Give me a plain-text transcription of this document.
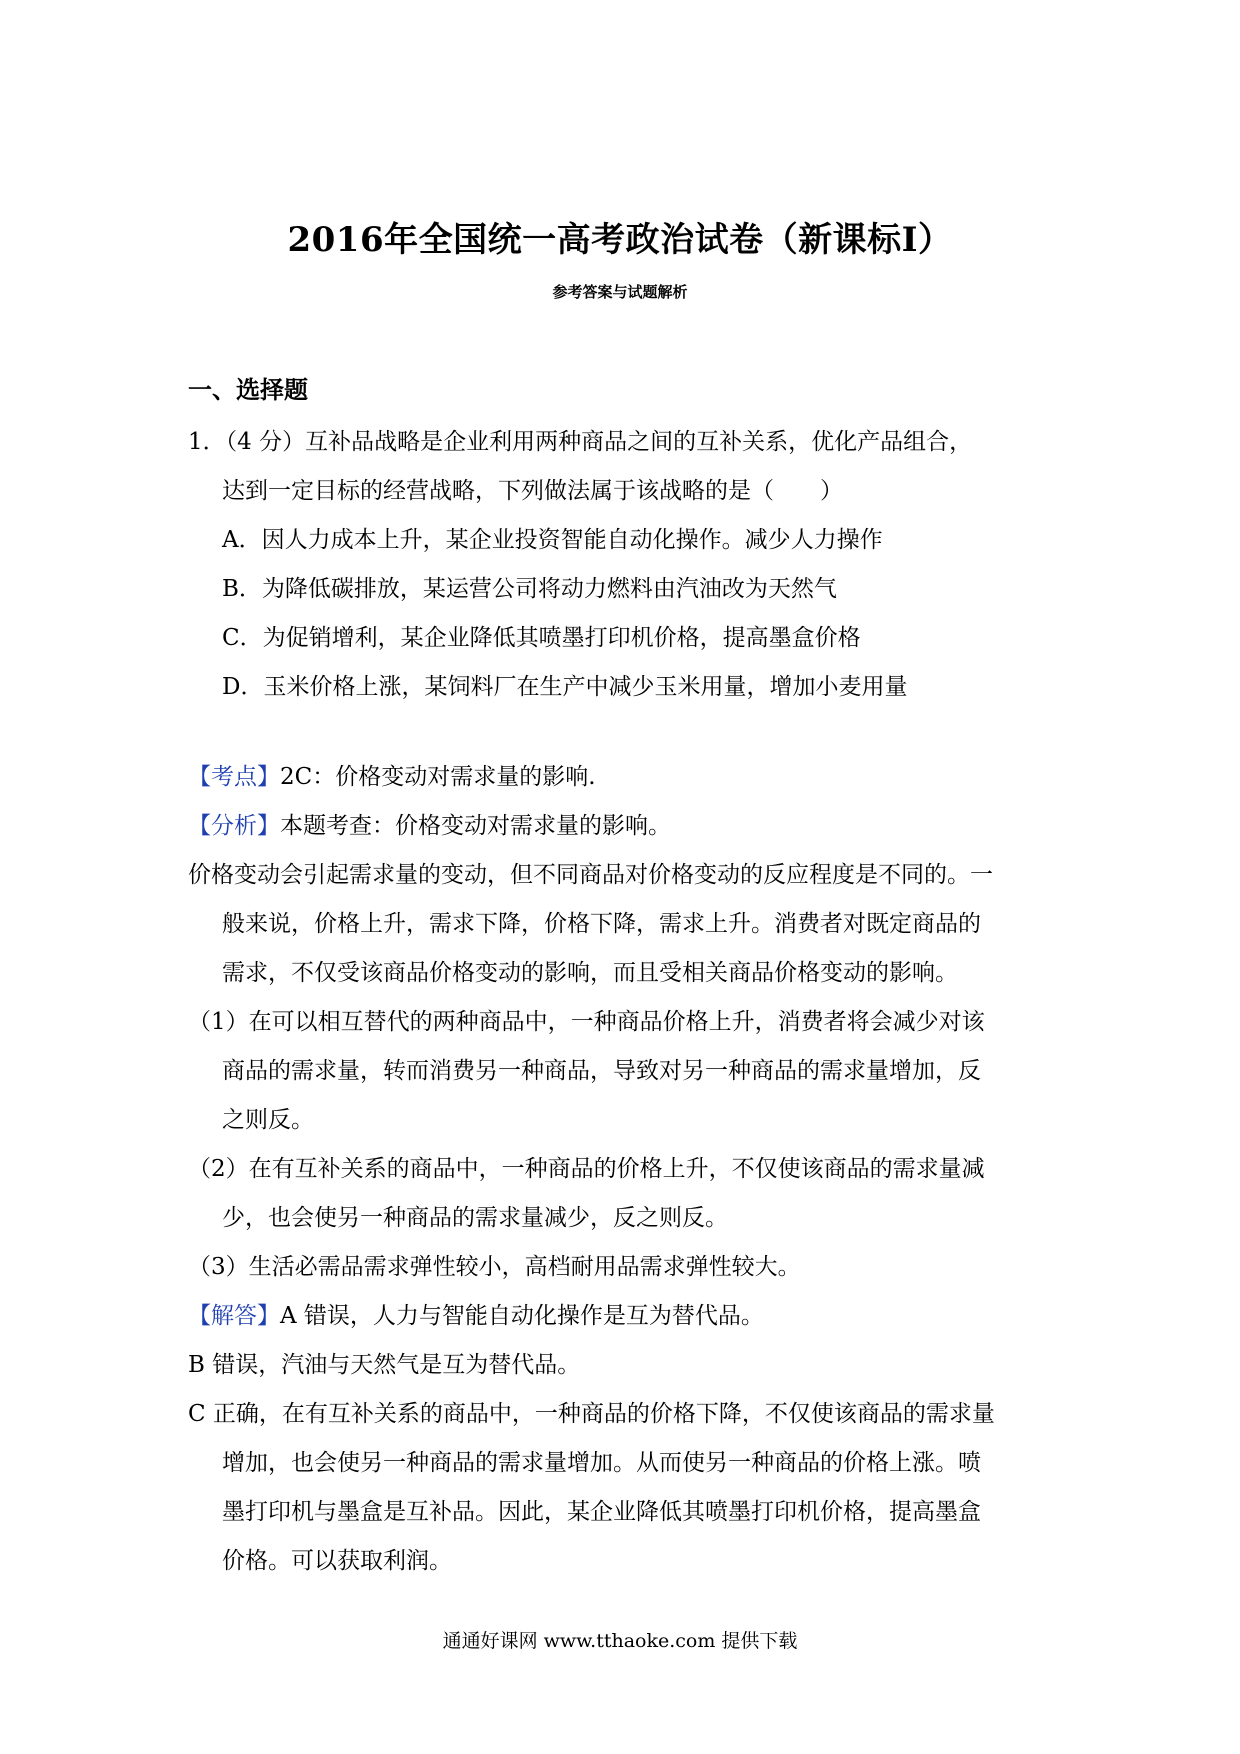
2016年全国统一高考政治试卷（新课标I）
参考答案与试题解析
一、选择题
1．（4 分）互补品战略是企业利用两种商品之间的互补关系，优化产品组合，
达到一定目标的经营战略，下列做法属于该战略的是（　　）
A．因人力成本上升，某企业投资智能自动化操作。减少人力操作
B．为降低碳排放，某运营公司将动力燃料由汽油改为天然气
C．为促销增利，某企业降低其喷墨打印机价格，提高墨盒价格
D．玉米价格上涨，某饲料厂在生产中减少玉米用量，增加小麦用量
【考点】2C：价格变动对需求量的影响.
【分析】本题考查：价格变动对需求量的影响。
价格变动会引起需求量的变动，但不同商品对价格变动的反应程度是不同的。一
般来说，价格上升，需求下降，价格下降，需求上升。消费者对既定商品的
需求，不仅受该商品价格变动的影响，而且受相关商品价格变动的影响。
（1）在可以相互替代的两种商品中，一种商品价格上升，消费者将会减少对该
商品的需求量，转而消费另一种商品，导致对另一种商品的需求量增加，反
之则反。
（2）在有互补关系的商品中，一种商品的价格上升，不仅使该商品的需求量减
少，也会使另一种商品的需求量减少，反之则反。
（3）生活必需品需求弹性较小，高档耐用品需求弹性较大。
【解答】A 错误，人力与智能自动化操作是互为替代品。
B 错误，汽油与天然气是互为替代品。
C 正确，在有互补关系的商品中，一种商品的价格下降，不仅使该商品的需求量
增加，也会使另一种商品的需求量增加。从而使另一种商品的价格上涨。喷
墨打印机与墨盒是互补品。因此，某企业降低其喷墨打印机价格，提高墨盒
价格。可以获取利润。
通通好课网 www.tthaoke.com 提供下载
